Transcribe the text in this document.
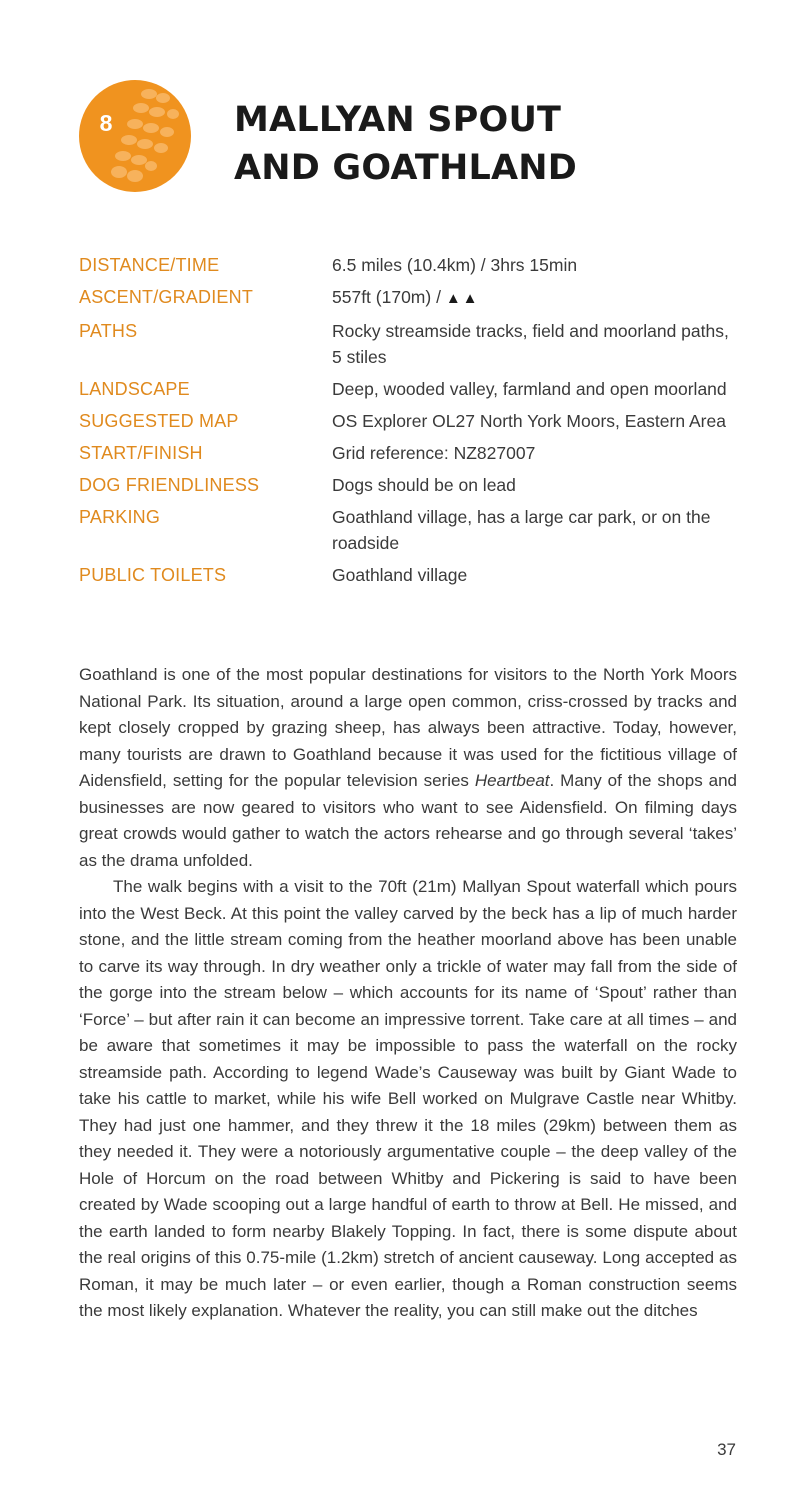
8	MALLYAN SPOUT
AND GOATHLAND
DISTANCE/TIME	6.5 miles (10.4km) / 3hrs 15min
ASCENT/GRADIENT	557ft (170m) / ▲▲
PATHS	Rocky streamside tracks, field and moorland paths, 5 stiles
LANDSCAPE	Deep, wooded valley, farmland and open moorland
SUGGESTED MAP	OS Explorer OL27 North York Moors, Eastern Area
START/FINISH	Grid reference: NZ827007
DOG FRIENDLINESS	Dogs should be on lead
PARKING	Goathland village, has a large car park, or on the roadside
PUBLIC TOILETS	Goathland village

Goathland is one of the most popular destinations for visitors to the North York Moors National Park. Its situation, around a large open common, criss-crossed by tracks and kept closely cropped by grazing sheep, has always been attractive. Today, however, many tourists are drawn to Goathland because it was used for the fictitious village of Aidensfield, setting for the popular television series Heartbeat. Many of the shops and businesses are now geared to visitors who want to see Aidensfield. On filming days great crowds would gather to watch the actors rehearse and go through several ‘takes’ as the drama unfolded.

The walk begins with a visit to the 70ft (21m) Mallyan Spout waterfall which pours into the West Beck. At this point the valley carved by the beck has a lip of much harder stone, and the little stream coming from the heather moorland above has been unable to carve its way through. In dry weather only a trickle of water may fall from the side of the gorge into the stream below – which accounts for its name of ‘Spout’ rather than ‘Force’ – but after rain it can become an impressive torrent. Take care at all times – and be aware that sometimes it may be impossible to pass the waterfall on the rocky streamside path. According to legend Wade’s Causeway was built by Giant Wade to take his cattle to market, while his wife Bell worked on Mulgrave Castle near Whitby. They had just one hammer, and they threw it the 18 miles (29km) between them as they needed it. They were a notoriously argumentative couple – the deep valley of the Hole of Horcum on the road between Whitby and Pickering is said to have been created by Wade scooping out a large handful of earth to throw at Bell. He missed, and the earth landed to form nearby Blakely Topping. In fact, there is some dispute about the real origins of this 0.75-mile (1.2km) stretch of ancient causeway. Long accepted as Roman, it may be much later – or even earlier, though a Roman construction seems the most likely explanation. Whatever the reality, you can still make out the ditches

37
